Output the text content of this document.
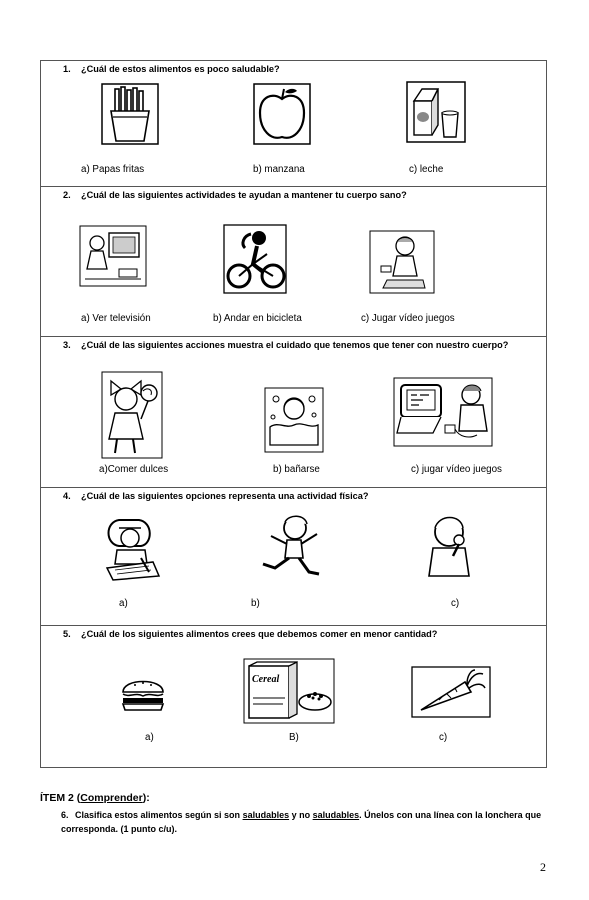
1. ¿Cuál de estos alimentos es poco saludable?
a) Papas fritas	b) manzana	c) leche
2. ¿Cuál de las siguientes actividades te ayudan a mantener tu cuerpo sano?
a) Ver televisión	b) Andar en bicicleta	c) Jugar vídeo juegos
3. ¿Cuál de las siguientes acciones muestra el cuidado que tenemos que tener con nuestro cuerpo?
a)Comer dulces	b) bañarse	c) jugar vídeo juegos
4. ¿Cuál de las siguientes opciones representa una actividad física?
a)	b)	c)
5. ¿Cuál de los siguientes alimentos crees que debemos comer en menor cantidad?
Cereal
a)	B)	c)
ÍTEM 2 (Comprender):
6. Clasifica estos alimentos según si son saludables y no saludables. Únelos con una línea con la lonchera que corresponda. (1 punto c/u).
2
